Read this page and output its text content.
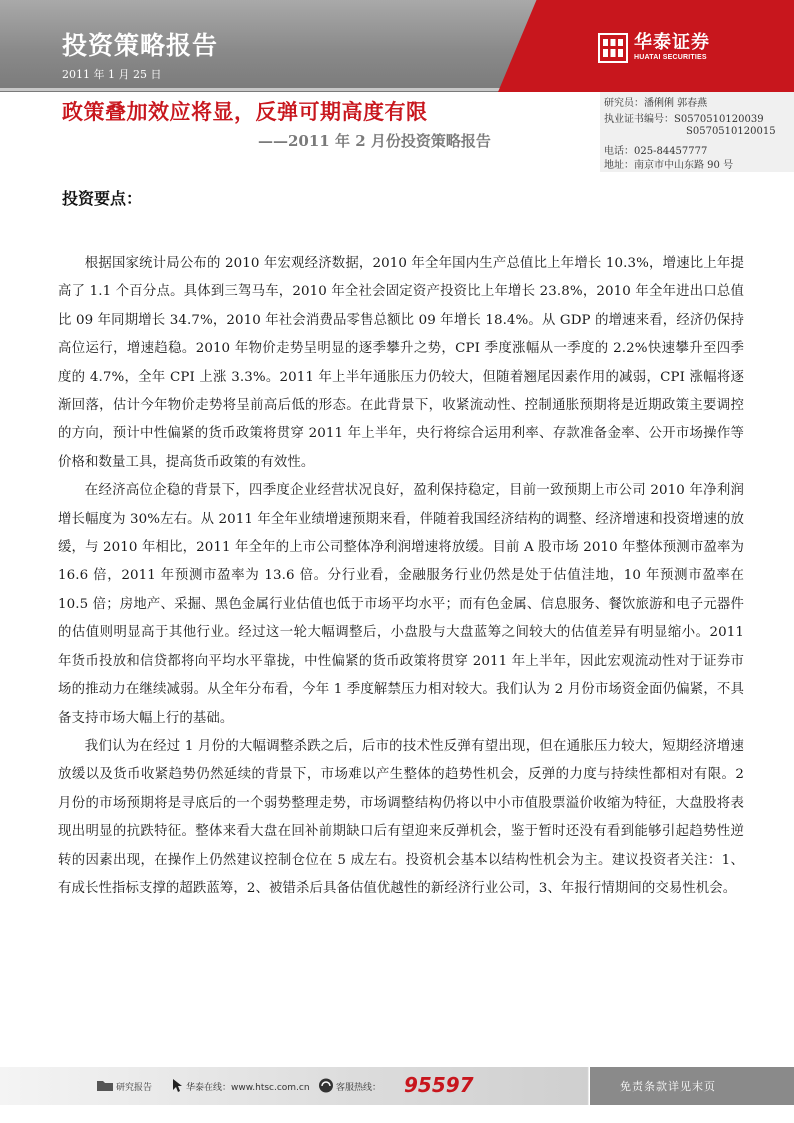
投资策略报告
2011 年 1 月 25 日
华泰证券
HUATAI SECURITIES
政策叠加效应将显，反弹可期高度有限
——2011 年 2 月份投资策略报告
研究员：潘俐俐 郭春燕
执业证书编号：S0570510120039
S0570510120015
电话：025-84457777
地址：南京市中山东路 90 号
投资要点：

根据国家统计局公布的 2010 年宏观经济数据，2010 年全年国内生产总值比上年增长 10.3%，增速比上年提高了 1.1 个百分点。具体到三驾马车，2010 年全社会固定资产投资比上年增长 23.8%，2010 年全年进出口总值比 09 年同期增长 34.7%，2010 年社会消费品零售总额比 09 年增长 18.4%。从 GDP 的增速来看，经济仍保持高位运行，增速趋稳。2010 年物价走势呈明显的逐季攀升之势，CPI 季度涨幅从一季度的 2.2%快速攀升至四季度的 4.7%，全年 CPI 上涨 3.3%。2011 年上半年通胀压力仍较大，但随着翘尾因素作用的减弱，CPI 涨幅将逐渐回落，估计今年物价走势将呈前高后低的形态。在此背景下，收紧流动性、控制通胀预期将是近期政策主要调控的方向，预计中性偏紧的货币政策将贯穿 2011 年上半年，央行将综合运用利率、存款准备金率、公开市场操作等价格和数量工具，提高货币政策的有效性。

在经济高位企稳的背景下，四季度企业经营状况良好，盈利保持稳定，目前一致预期上市公司 2010 年净利润增长幅度为 30%左右。从 2011 年全年业绩增速预期来看，伴随着我国经济结构的调整、经济增速和投资增速的放缓，与 2010 年相比，2011 年全年的上市公司整体净利润增速将放缓。目前 A 股市场 2010 年整体预测市盈率为 16.6 倍，2011 年预测市盈率为 13.6 倍。分行业看，金融服务行业仍然是处于估值洼地，10 年预测市盈率在 10.5 倍；房地产、采掘、黑色金属行业估值也低于市场平均水平；而有色金属、信息服务、餐饮旅游和电子元器件的估值则明显高于其他行业。经过这一轮大幅调整后，小盘股与大盘蓝筹之间较大的估值差异有明显缩小。2011 年货币投放和信贷都将向平均水平靠拢，中性偏紧的货币政策将贯穿 2011 年上半年，因此宏观流动性对于证券市场的推动力在继续减弱。从全年分布看，今年 1 季度解禁压力相对较大。我们认为 2 月份市场资金面仍偏紧，不具备支持市场大幅上行的基础。

我们认为在经过 1 月份的大幅调整杀跌之后，后市的技术性反弹有望出现，但在通胀压力较大，短期经济增速放缓以及货币收紧趋势仍然延续的背景下，市场难以产生整体的趋势性机会，反弹的力度与持续性都相对有限。2 月份的市场预期将是寻底后的一个弱势整理走势，市场调整结构仍将以中小市值股票溢价收缩为特征，大盘股将表现出明显的抗跌特征。整体来看大盘在回补前期缺口后有望迎来反弹机会，鉴于暂时还没有看到能够引起趋势性逆转的因素出现，在操作上仍然建议控制仓位在 5 成左右。投资机会基本以结构性机会为主。建议投资者关注：1、有成长性指标支撑的超跌蓝筹，2、被错杀后具备估值优越性的新经济行业公司，3、年报行情期间的交易性机会。

研究报告	华泰在线：www.htsc.com.cn	客服热线： 95597	免责条款详见末页
